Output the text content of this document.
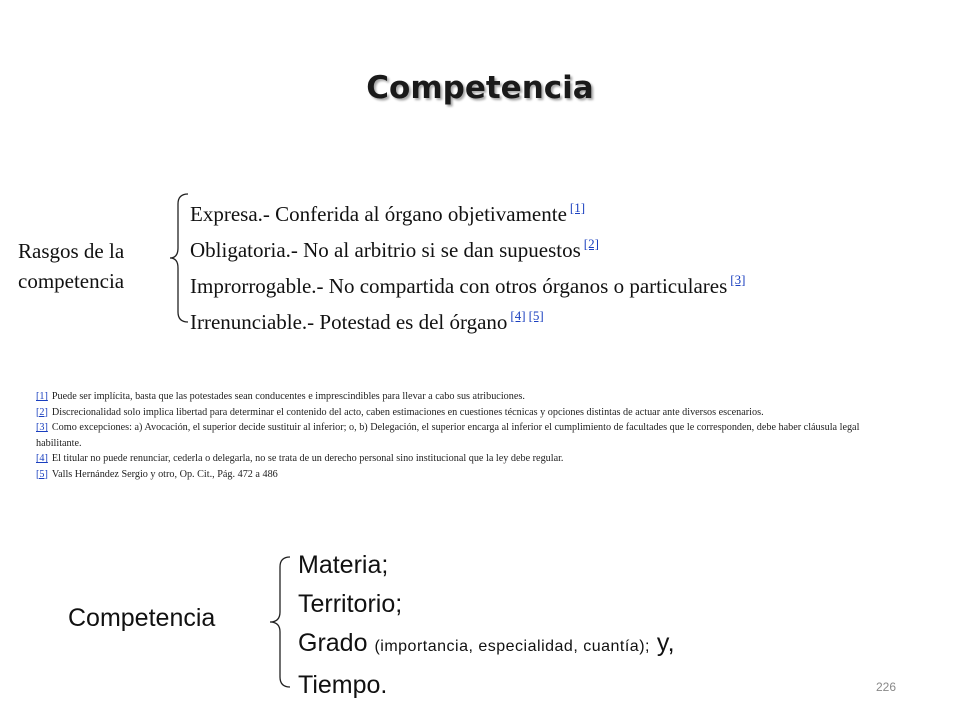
Competencia
Rasgos de la competencia
Expresa.- Conferida al órgano objetivamente [1]
Obligatoria.- No al arbitrio si se dan supuestos [2]
Improrrogable.- No compartida con otros órganos o particulares [3]
Irrenunciable.- Potestad es del órgano [4] [5]

[1] Puede ser implícita, basta que las potestades sean conducentes e imprescindibles para llevar a cabo sus atribuciones.

[2] Discrecionalidad solo implica libertad para determinar el contenido del acto, caben estimaciones en cuestiones técnicas y opciones distintas de actuar ante diversos escenarios.

[3] Como excepciones: a) Avocación, el superior decide sustituir al inferior; o, b) Delegación, el superior encarga al inferior el cumplimiento de facultades que le corresponden, debe haber cláusula legal habilitante.

[4] El titular no puede renunciar, cederla o delegarla, no se trata de un derecho personal sino institucional que la ley debe regular.

[5] Valls Hernández Sergio y otro, Op. Cit., Pág. 472 a 486

Competencia
Materia;
Territorio;
Grado (importancia, especialidad, cuantía); y,
Tiempo.	226
